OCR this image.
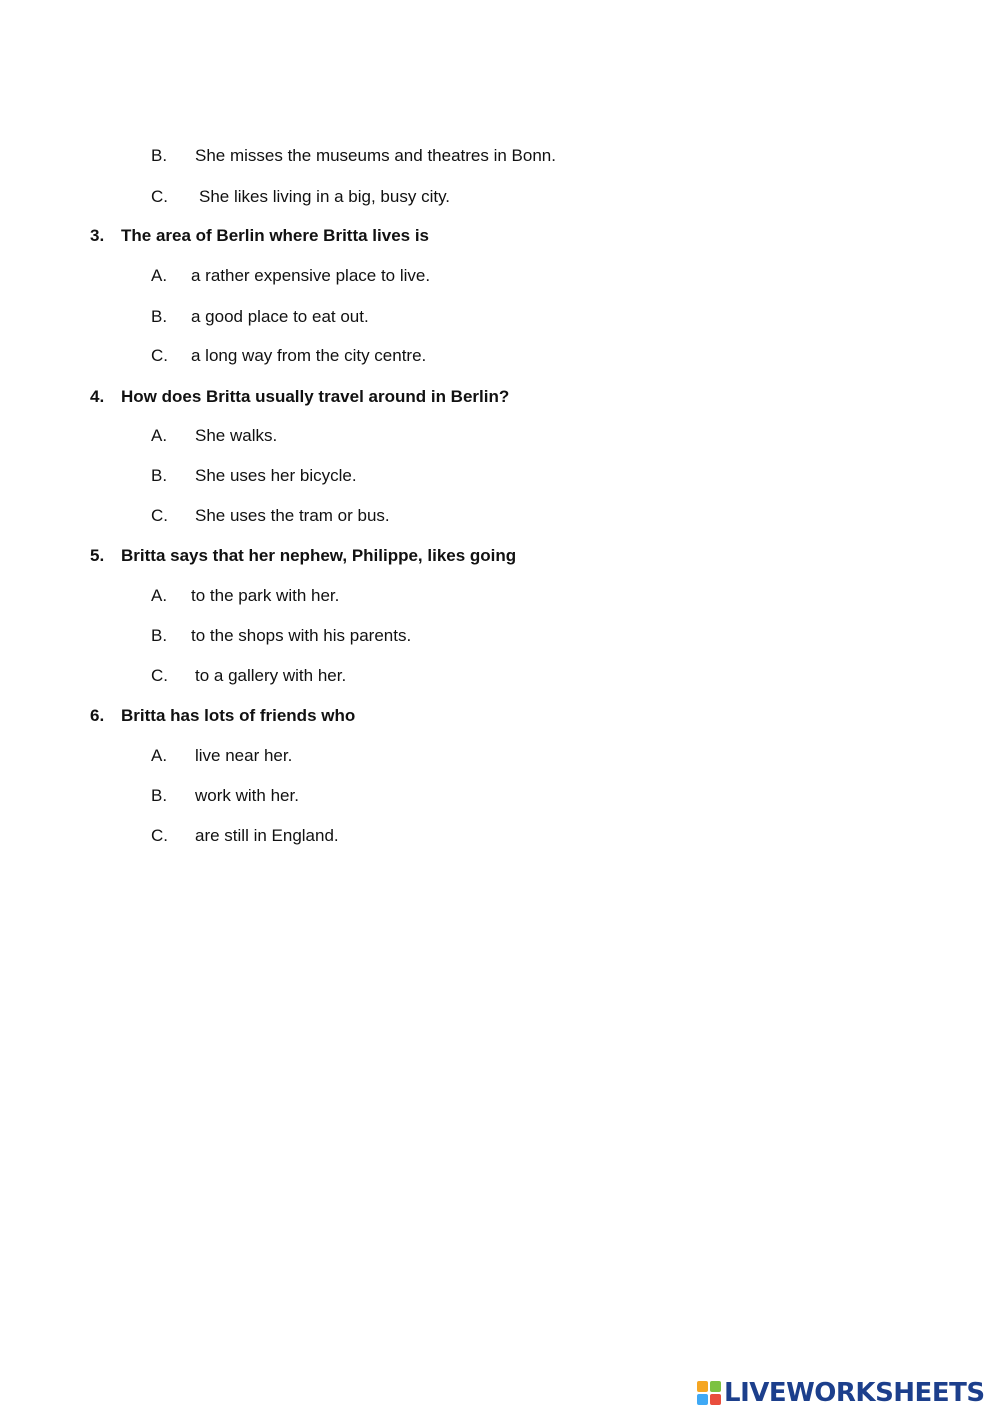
B. She misses the museums and theatres in Bonn.
C. She likes living in a big, busy city.
3. The area of Berlin where Britta lives is
A. a rather expensive place to live.
B. a good place to eat out.
C. a long way from the city centre.
4. How does Britta usually travel around in Berlin?
A. She walks.
B. She uses her bicycle.
C. She uses the tram or bus.
5. Britta says that her nephew, Philippe, likes going
A. to the park with her.
B. to the shops with his parents.
C. to a gallery with her.
6. Britta has lots of friends who
A. live near her.
B. work with her.
C. are still in England.
LIVEWORKSHEETS
